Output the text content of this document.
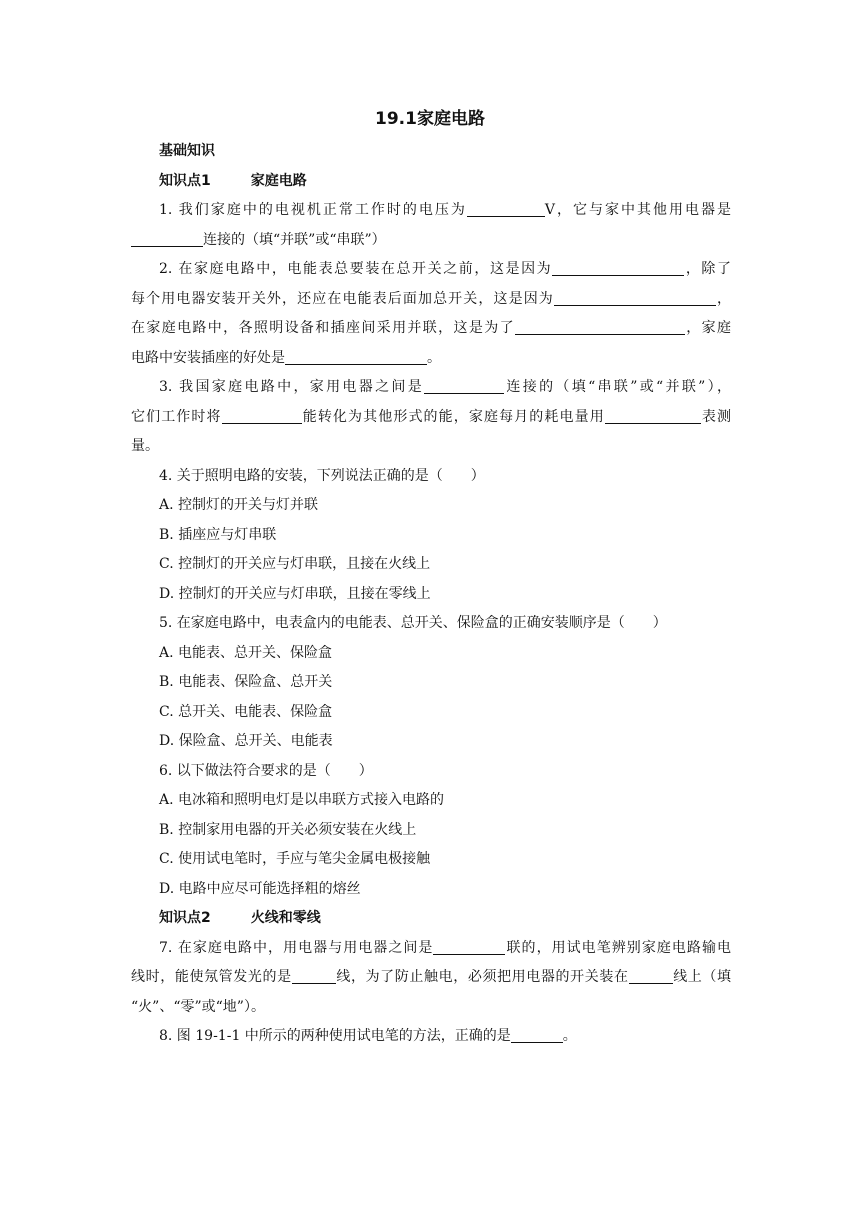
19.1家庭电路
基础知识
知识点1	家庭电路
1. 我们家庭中的电视机正常工作时的电压为	V，它与家中其他用电器是
连接的（填“并联”或“串联”）
2. 在家庭电路中，电能表总要装在总开关之前，这是因为	，除了
每个用电器安装开关外，还应在电能表后面加总开关，这是因为	，
在家庭电路中，各照明设备和插座间采用并联，这是为了	，家庭
电路中安装插座的好处是	。
3. 我国家庭电路中，家用电器之间是	连接的（填“串联”或“并联”），
它们工作时将	能转化为其他形式的能，家庭每月的耗电量用	表测
量。
4. 关于照明电路的安装，下列说法正确的是（　　）
A. 控制灯的开关与灯并联
B. 插座应与灯串联
C. 控制灯的开关应与灯串联，且接在火线上
D. 控制灯的开关应与灯串联，且接在零线上
5. 在家庭电路中，电表盒内的电能表、总开关、保险盒的正确安装顺序是（　　）
A. 电能表、总开关、保险盒
B. 电能表、保险盒、总开关
C. 总开关、电能表、保险盒
D. 保险盒、总开关、电能表
6. 以下做法符合要求的是（　　）
A. 电冰箱和照明电灯是以串联方式接入电路的
B. 控制家用电器的开关必须安装在火线上
C. 使用试电笔时，手应与笔尖金属电极接触
D. 电路中应尽可能选择粗的熔丝
知识点2	火线和零线
7. 在家庭电路中，用电器与用电器之间是	联的，用试电笔辨别家庭电路输电
线时，能使氖管发光的是	线，为了防止触电，必须把用电器的开关装在	线上（填
“火”、“零”或“地”）。
8. 图 19-1-1 中所示的两种使用试电笔的方法，正确的是	。
